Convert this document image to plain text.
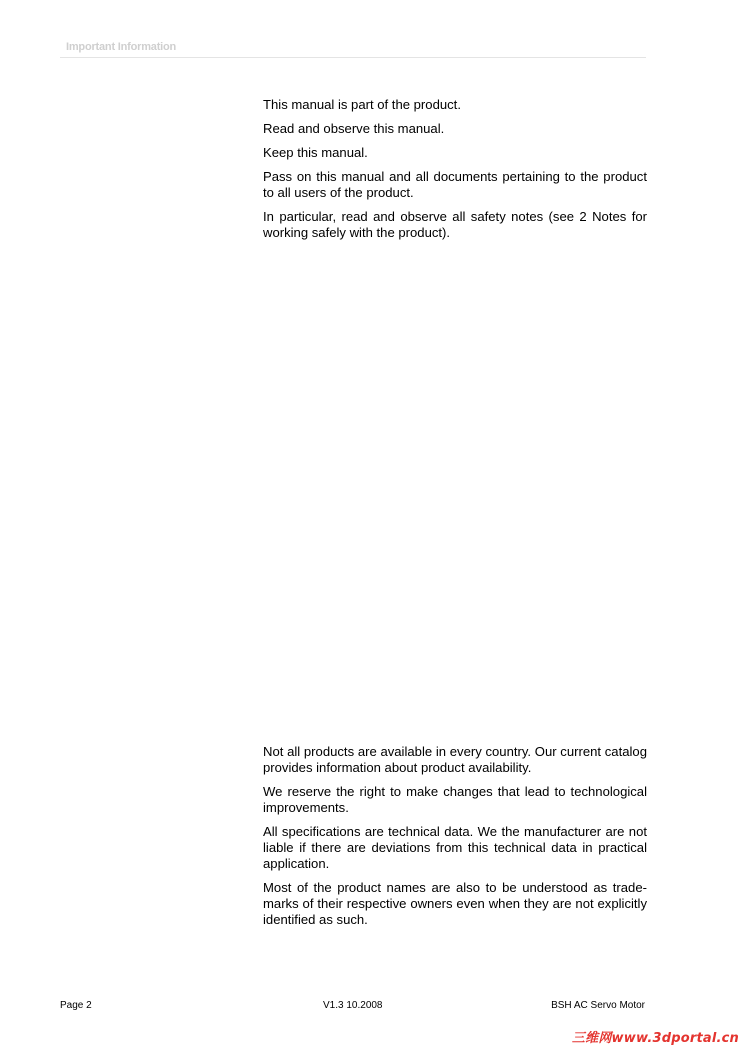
Important Information

This manual is part of the product.

Read and observe this manual.

Keep this manual.

Pass on this manual and all documents pertaining to the product to all users of the product.

In particular, read and observe all safety notes (see 2 Notes for working safely with the product).

Not all products are available in every country. Our current catalog provides information about product availability.

We reserve the right to make changes that lead to technological improvements.

All specifications are technical data. We the manufacturer are not liable if there are deviations from this technical data in practical application.

Most of the product names are also to be understood as trademarks of their respective owners even when they are not explicitly identified as such.

Page 2	V1.3 10.2008	BSH AC Servo Motor
三维网www.3dportal.cn
